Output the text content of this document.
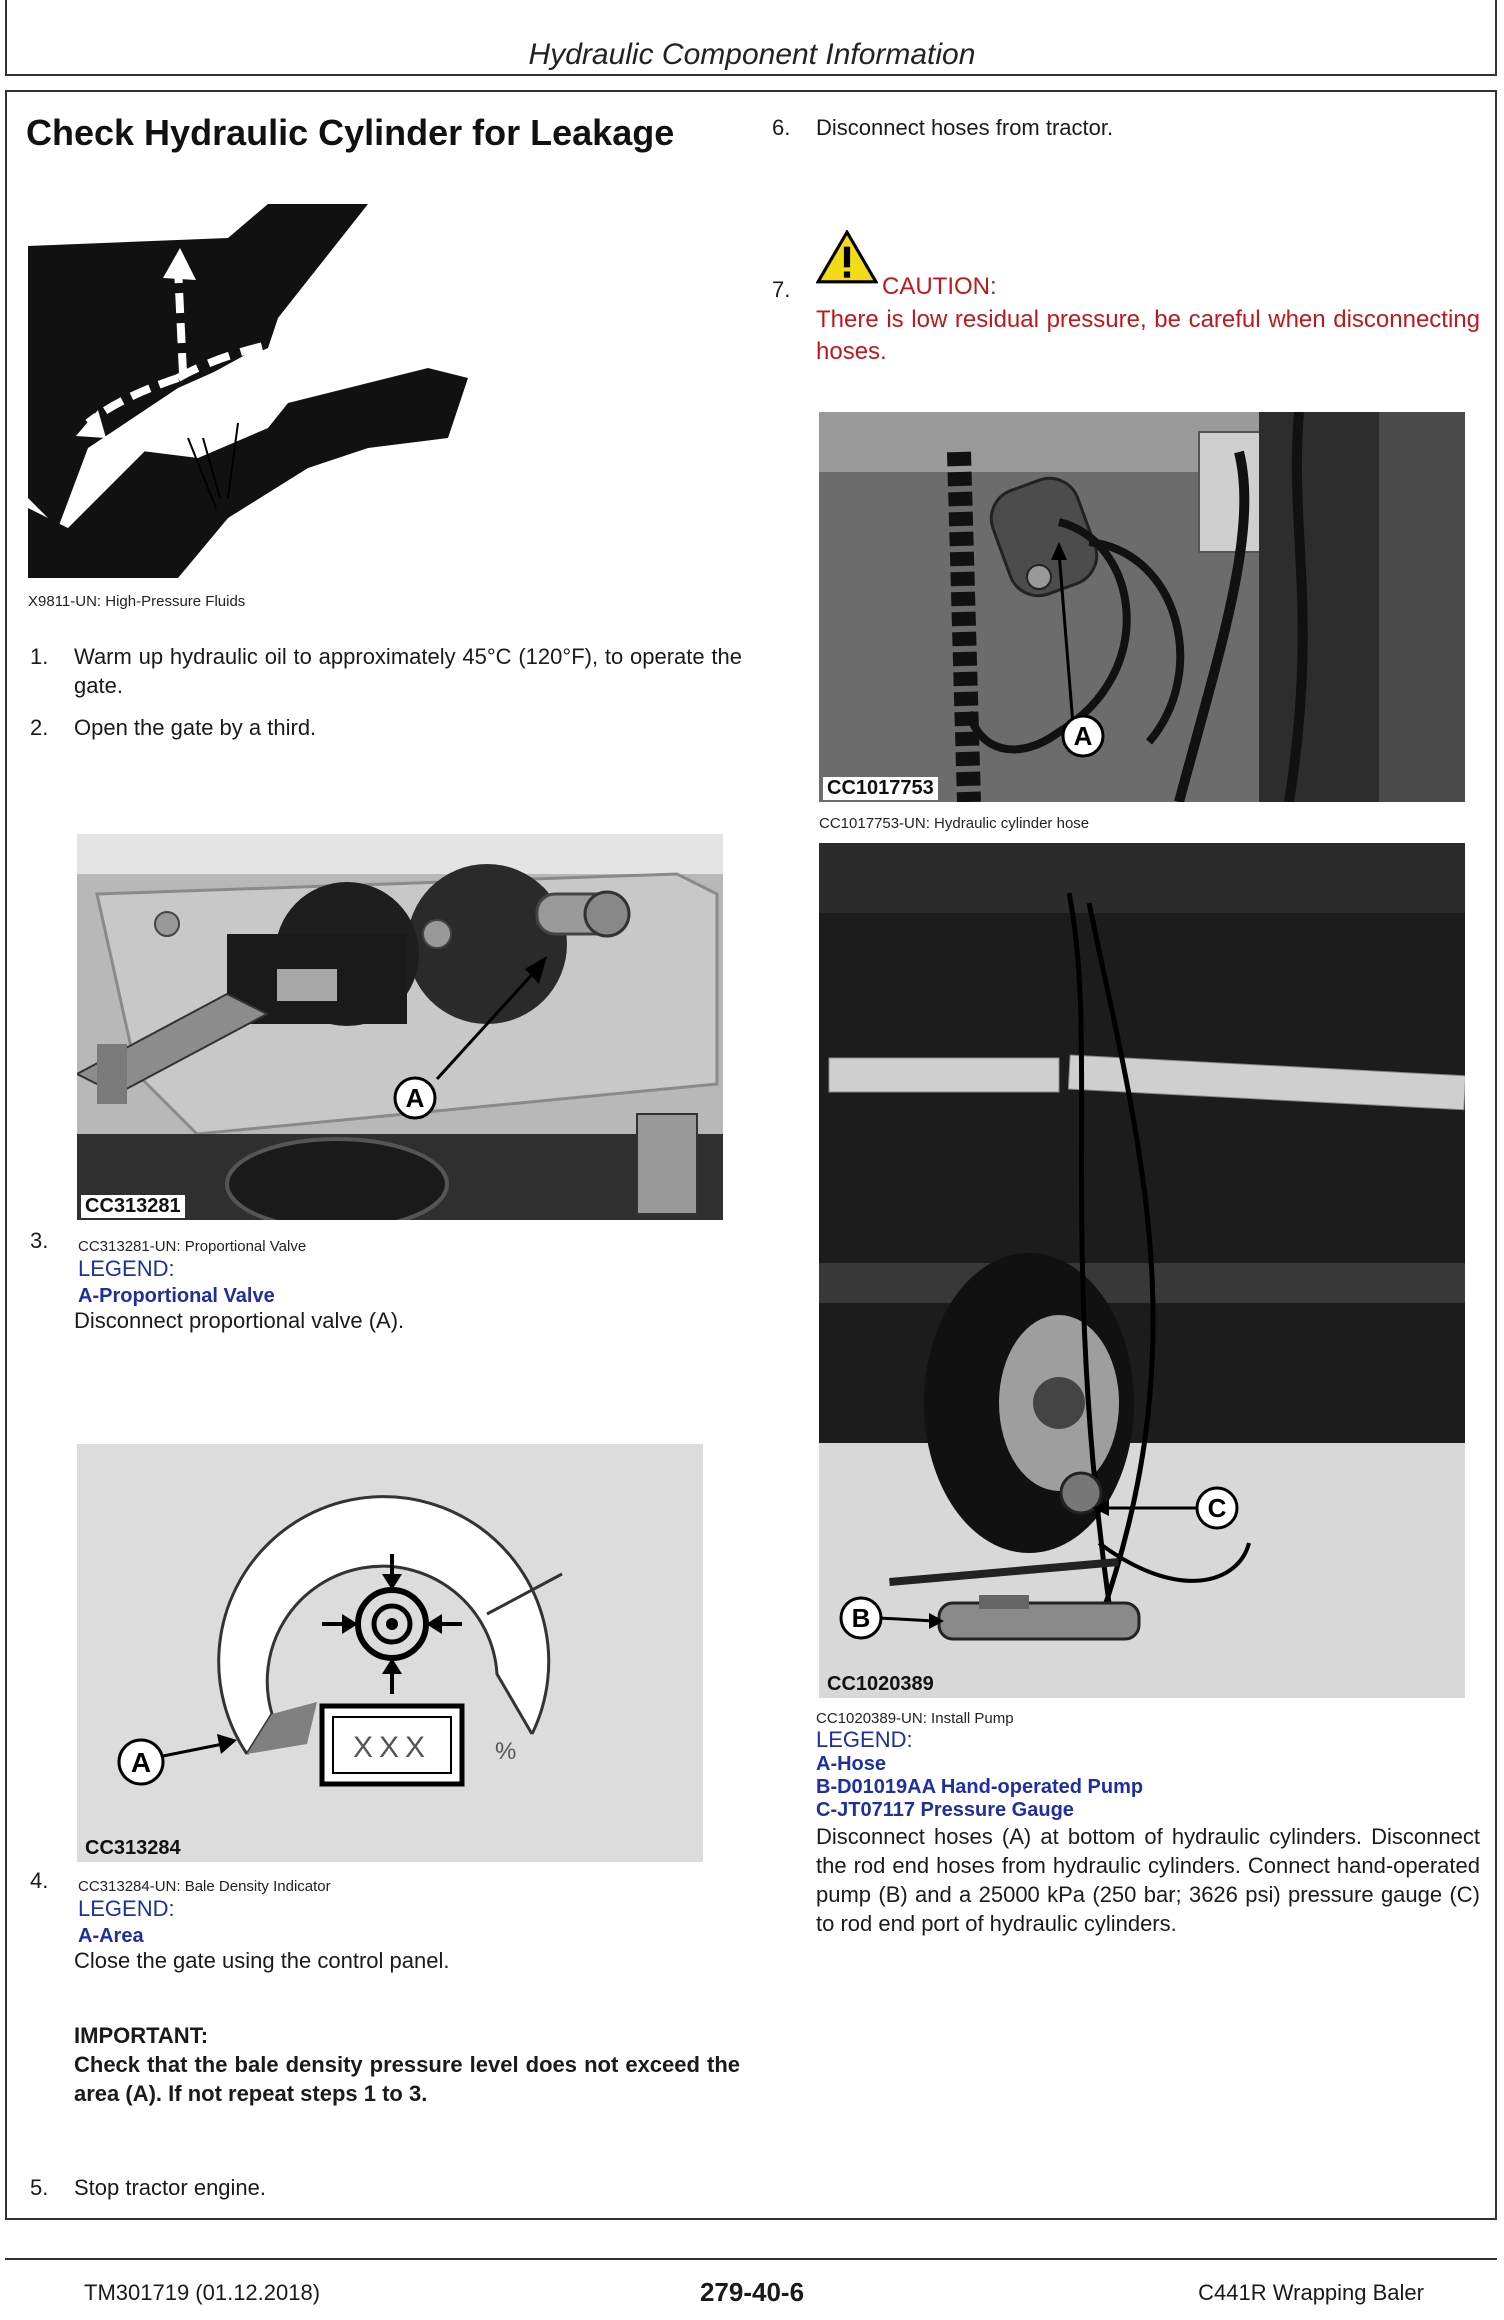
Hydraulic Component Information
Check Hydraulic Cylinder for Leakage
X9811-UN: High-Pressure Fluids
1. Warm up hydraulic oil to approximately 45°C (120°F), to operate the gate.
2. Open the gate by a third.
A
CC313281
3. CC313281-UN: Proportional Valve
LEGEND:
A-Proportional Valve
Disconnect proportional valve (A).
XXX	%
A
CC313284
4. CC313284-UN: Bale Density Indicator
LEGEND:
A-Area
Close the gate using the control panel.
IMPORTANT:
Check that the bale density pressure level does not exceed the area (A). If not repeat steps 1 to 3.
5. Stop tractor engine.
6. Disconnect hoses from tractor.
7.	CAUTION:
There is low residual pressure, be careful when disconnecting hoses.
A
CC1017753
CC1017753-UN: Hydraulic cylinder hose
B
C
CC1020389
CC1020389-UN: Install Pump
LEGEND:
A-Hose
B-D01019AA Hand-operated Pump
C-JT07117 Pressure Gauge
Disconnect hoses (A) at bottom of hydraulic cylinders. Disconnect the rod end hoses from hydraulic cylinders. Connect hand-operated pump (B) and a 25000 kPa (250 bar; 3626 psi) pressure gauge (C) to rod end port of hydraulic cylinders.
TM301719 (01.12.2018)	279-40-6	C441R Wrapping Baler
